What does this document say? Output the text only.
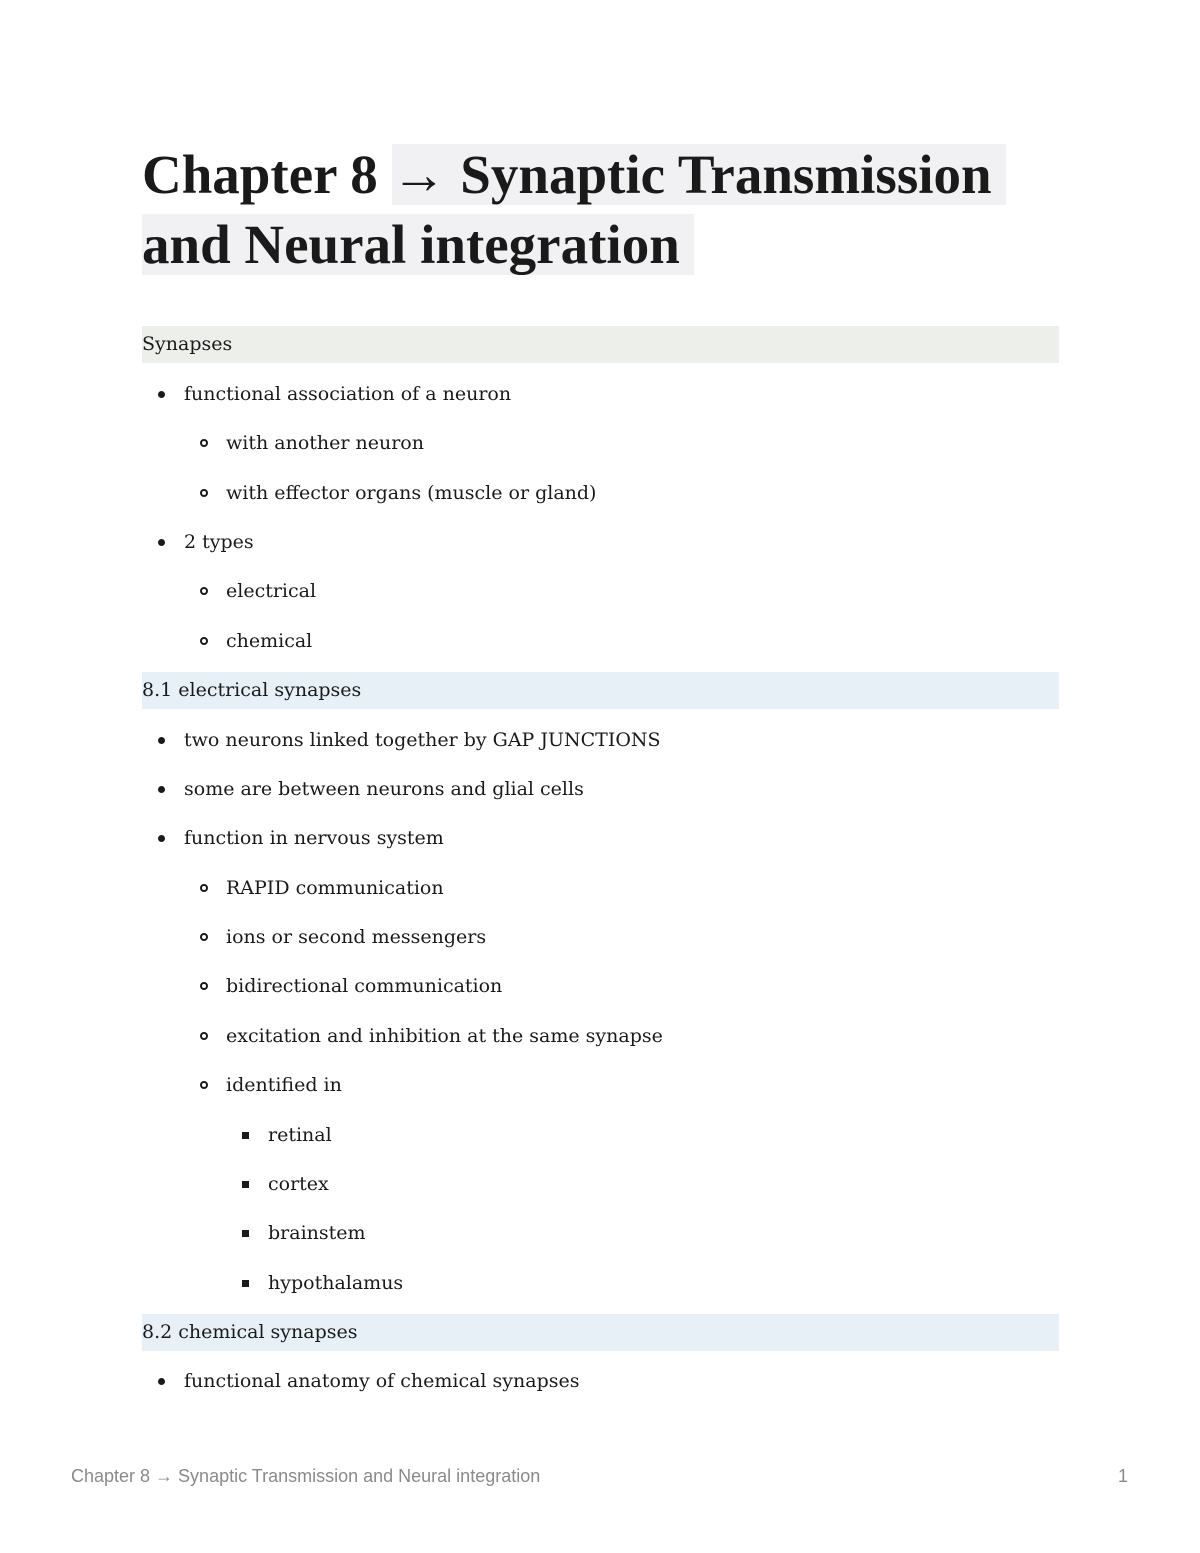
Chapter 8 → Synaptic Transmission
and Neural integration
Synapses
functional association of a neuron
with another neuron
with effector organs (muscle or gland)
2 types
electrical
chemical
8.1 electrical synapses
two neurons linked together by GAP JUNCTIONS
some are between neurons and glial cells
function in nervous system
RAPID communication
ions or second messengers
bidirectional communication
excitation and inhibition at the same synapse
identified in
retinal
cortex
brainstem
hypothalamus
8.2 chemical synapses
functional anatomy of chemical synapses
Chapter 8 → Synaptic Transmission and Neural integration	1
